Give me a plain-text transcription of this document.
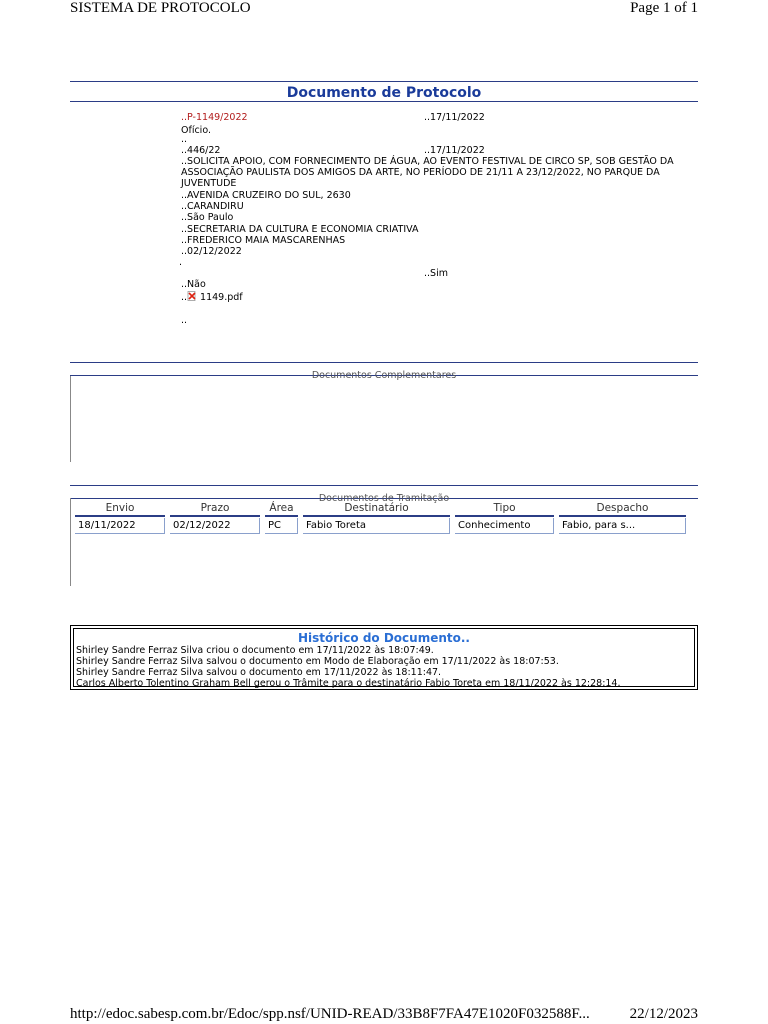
SISTEMA DE PROTOCOLO	Page 1 of 1
Documento de Protocolo
..P-1149/2022	..17/11/2022
Ofício.
..
..446/22	..17/11/2022
..SOLICITA APOIO, COM FORNECIMENTO DE ÁGUA, AO EVENTO FESTIVAL DE CIRCO SP, SOB GESTÃO DA ASSOCIAÇÃO PAULISTA DOS AMIGOS DA ARTE, NO PERÍODO DE 21/11 A 23/12/2022, NO PARQUE DA JUVENTUDE
..AVENIDA CRUZEIRO DO SUL, 2630
..CARANDIRU
..São Paulo
..SECRETARIA DA CULTURA E ECONOMIA CRIATIVA
..FREDERICO MAIA MASCARENHAS
..02/12/2022
.
..Sim
..Não
.. 1149.pdf
..
Documentos Complementares
Documentos de Tramitação
Envio	Prazo	Área	Destinatário	Tipo	Despacho
18/11/2022	02/12/2022	PC	Fabio Toreta	Conhecimento	Fabio, para s...
Histórico do Documento..
Shirley Sandre Ferraz Silva criou o documento em 17/11/2022 às 18:07:49.
Shirley Sandre Ferraz Silva salvou o documento em Modo de Elaboração em 17/11/2022 às 18:07:53.
Shirley Sandre Ferraz Silva salvou o documento em 17/11/2022 às 18:11:47.
Carlos Alberto Tolentino Graham Bell gerou o Trâmite para o destinatário Fabio Toreta em 18/11/2022 às 12:28:14.
http://edoc.sabesp.com.br/Edoc/spp.nsf/UNID-READ/33B8F7FA47E1020F032588F...	22/12/2023
